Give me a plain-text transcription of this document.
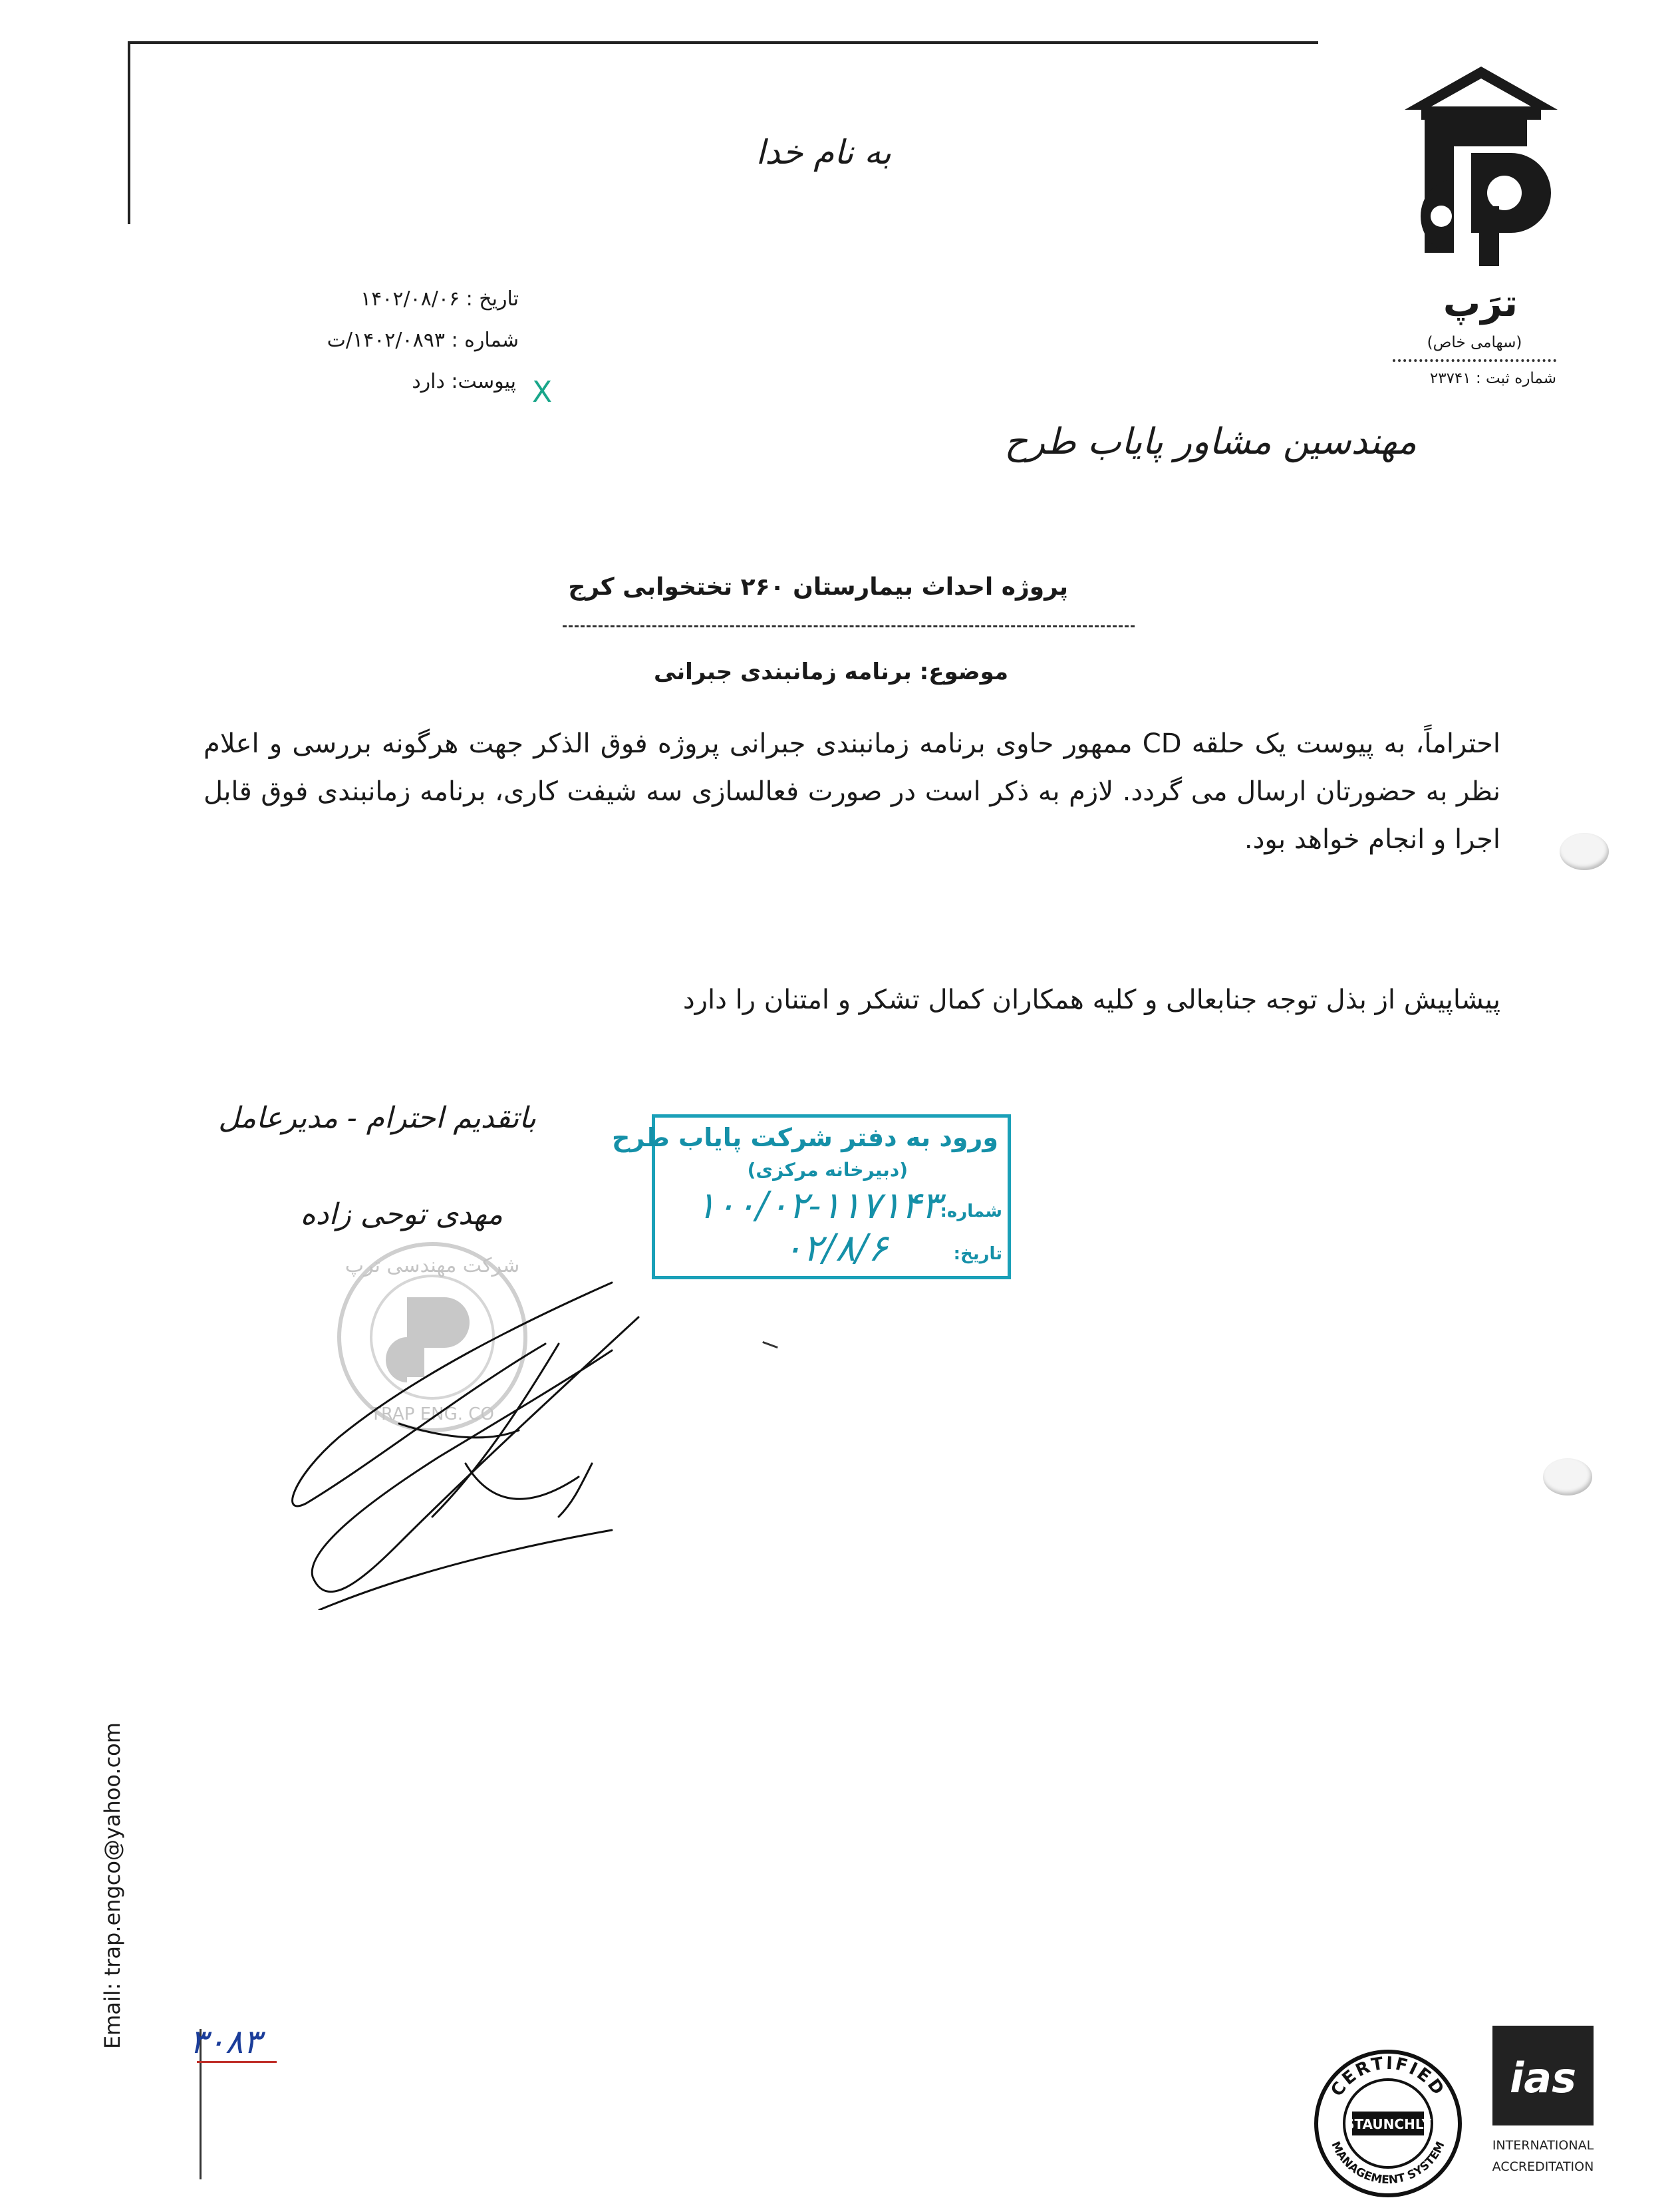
به نام خدا
تاریخ : ۱۴۰۲/۰۸/۰۶
شماره : ۱۴۰۲/۰۸۹۳/ت
پیوست: دارد X
مهندسین مشاور پایاب طرح
ترَپ
(سهامی خاص)
شماره ثبت : ۲۳۷۴۱
پروژه احداث بیمارستان ۲۶۰ تختخوابی کرج
موضوع: برنامه زمانبندی جبرانی
احتراماً، به پیوست یک حلقه CD ممهور حاوی برنامه زمانبندی جبرانی پروژه فوق الذکر جهت هرگونه بررسی و اعلام نظر به حضورتان ارسال می گردد. لازم به ذکر است در صورت فعالسازی سه شیفت کاری، برنامه زمانبندی فوق قابل اجرا و انجام خواهد بود.
پیشاپیش از بذل توجه جنابعالی و کلیه همکاران کمال تشکر و امتنان را دارد
باتقدیم احترام - مدیرعامل
مهدی توحی زاده
ورود به دفتر شرکت پایاب طرح
(دبیرخانه مرکزی)
شماره:
۱۰۰/۰۲-۱۱۷۱۴۳
تاریخ:
۰۲/۸/۶
شرکت مهندسی ترپ
TRAP ENG. CO
Email: trap.engco@yahoo.com ۳۰۸۳
CERTIFIED
STAUNCHLY
MANAGEMENT SYSTEM
ias
INTERNATIONAL
ACCREDITATION
